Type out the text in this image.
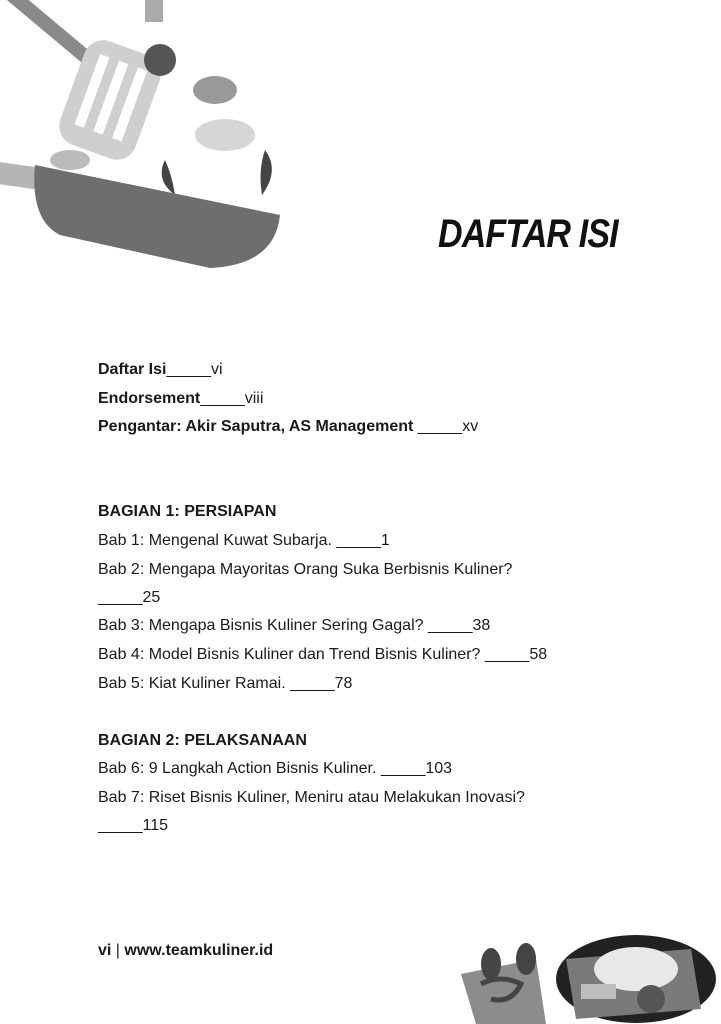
DAFTAR ISI
Daftar Isi_____vi
Endorsement_____viii
Pengantar: Akir Saputra, AS Management _____xv
BAGIAN 1: PERSIAPAN
Bab 1: Mengenal Kuwat Subarja. _____1
Bab 2: Mengapa Mayoritas Orang Suka Berbisnis Kuliner?
_____25
Bab 3: Mengapa Bisnis Kuliner Sering Gagal? _____38
Bab 4: Model Bisnis Kuliner dan Trend Bisnis Kuliner? _____58
Bab 5: Kiat Kuliner Ramai. _____78
BAGIAN 2: PELAKSANAAN
Bab 6: 9 Langkah Action Bisnis Kuliner. _____103
Bab 7: Riset Bisnis Kuliner, Meniru atau Melakukan Inovasi?
_____115
vi | www.teamkuliner.id
